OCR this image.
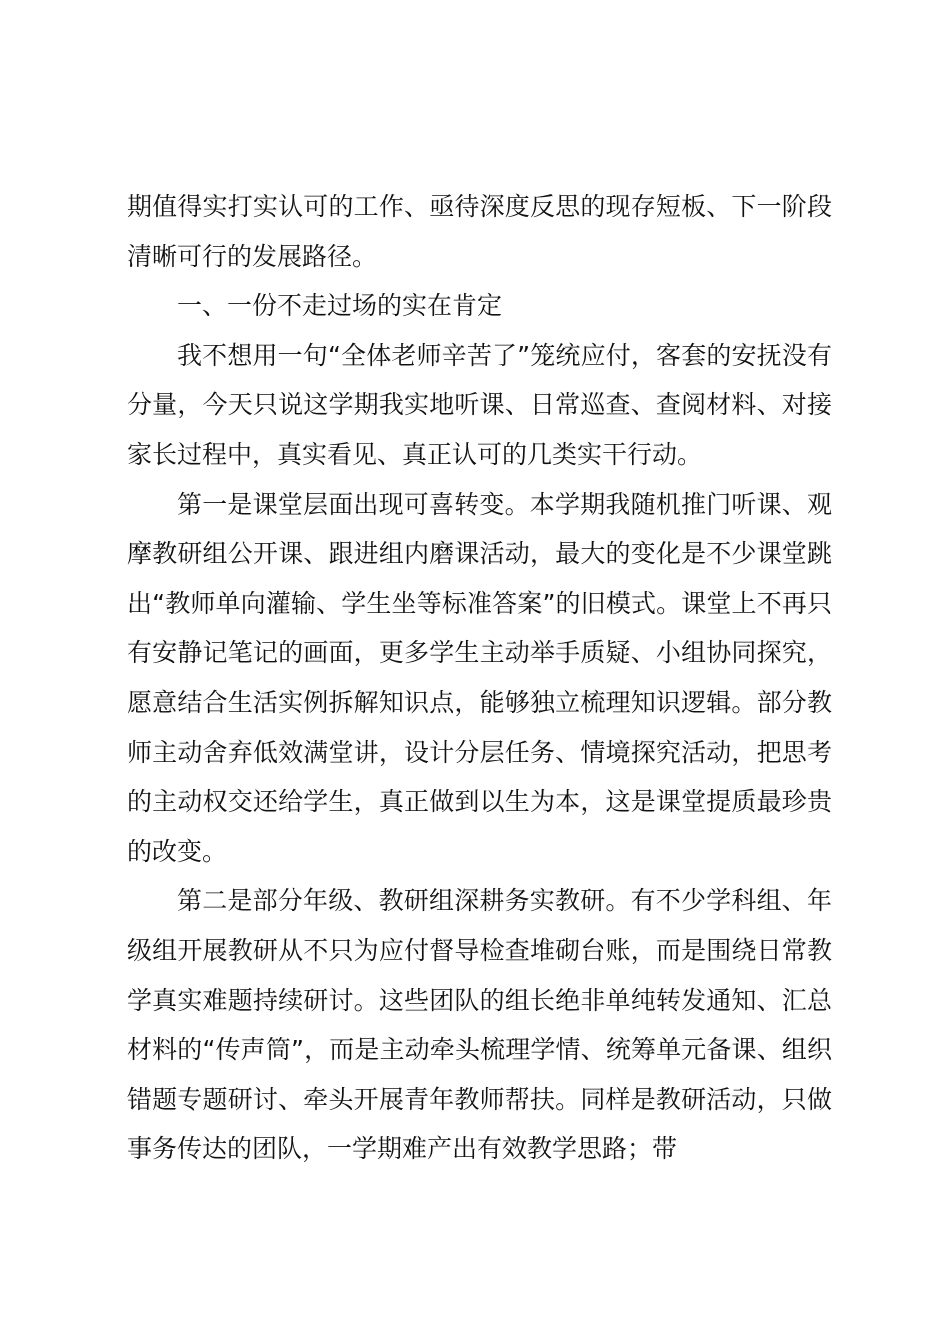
期值得实打实认可的工作、亟待深度反思的现存短板、下一阶段清晰可行的发展路径。

一、一份不走过场的实在肯定

我不想用一句“全体老师辛苦了”笼统应付，客套的安抚没有分量，今天只说这学期我实地听课、日常巡查、查阅材料、对接家长过程中，真实看见、真正认可的几类实干行动。

第一是课堂层面出现可喜转变。本学期我随机推门听课、观摩教研组公开课、跟进组内磨课活动，最大的变化是不少课堂跳出“教师单向灌输、学生坐等标准答案”的旧模式。课堂上不再只有安静记笔记的画面，更多学生主动举手质疑、小组协同探究，愿意结合生活实例拆解知识点，能够独立梳理知识逻辑。部分教师主动舍弃低效满堂讲，设计分层任务、情境探究活动，把思考的主动权交还给学生，真正做到以生为本，这是课堂提质最珍贵的改变。

第二是部分年级、教研组深耕务实教研。有不少学科组、年级组开展教研从不只为应付督导检查堆砌台账，而是围绕日常教学真实难题持续研讨。这些团队的组长绝非单纯转发通知、汇总材料的“传声筒”，而是主动牵头梳理学情、统筹单元备课、组织错题专题研讨、牵头开展青年教师帮扶。同样是教研活动，只做事务传达的团队，一学期难产出有效教学思路；带
